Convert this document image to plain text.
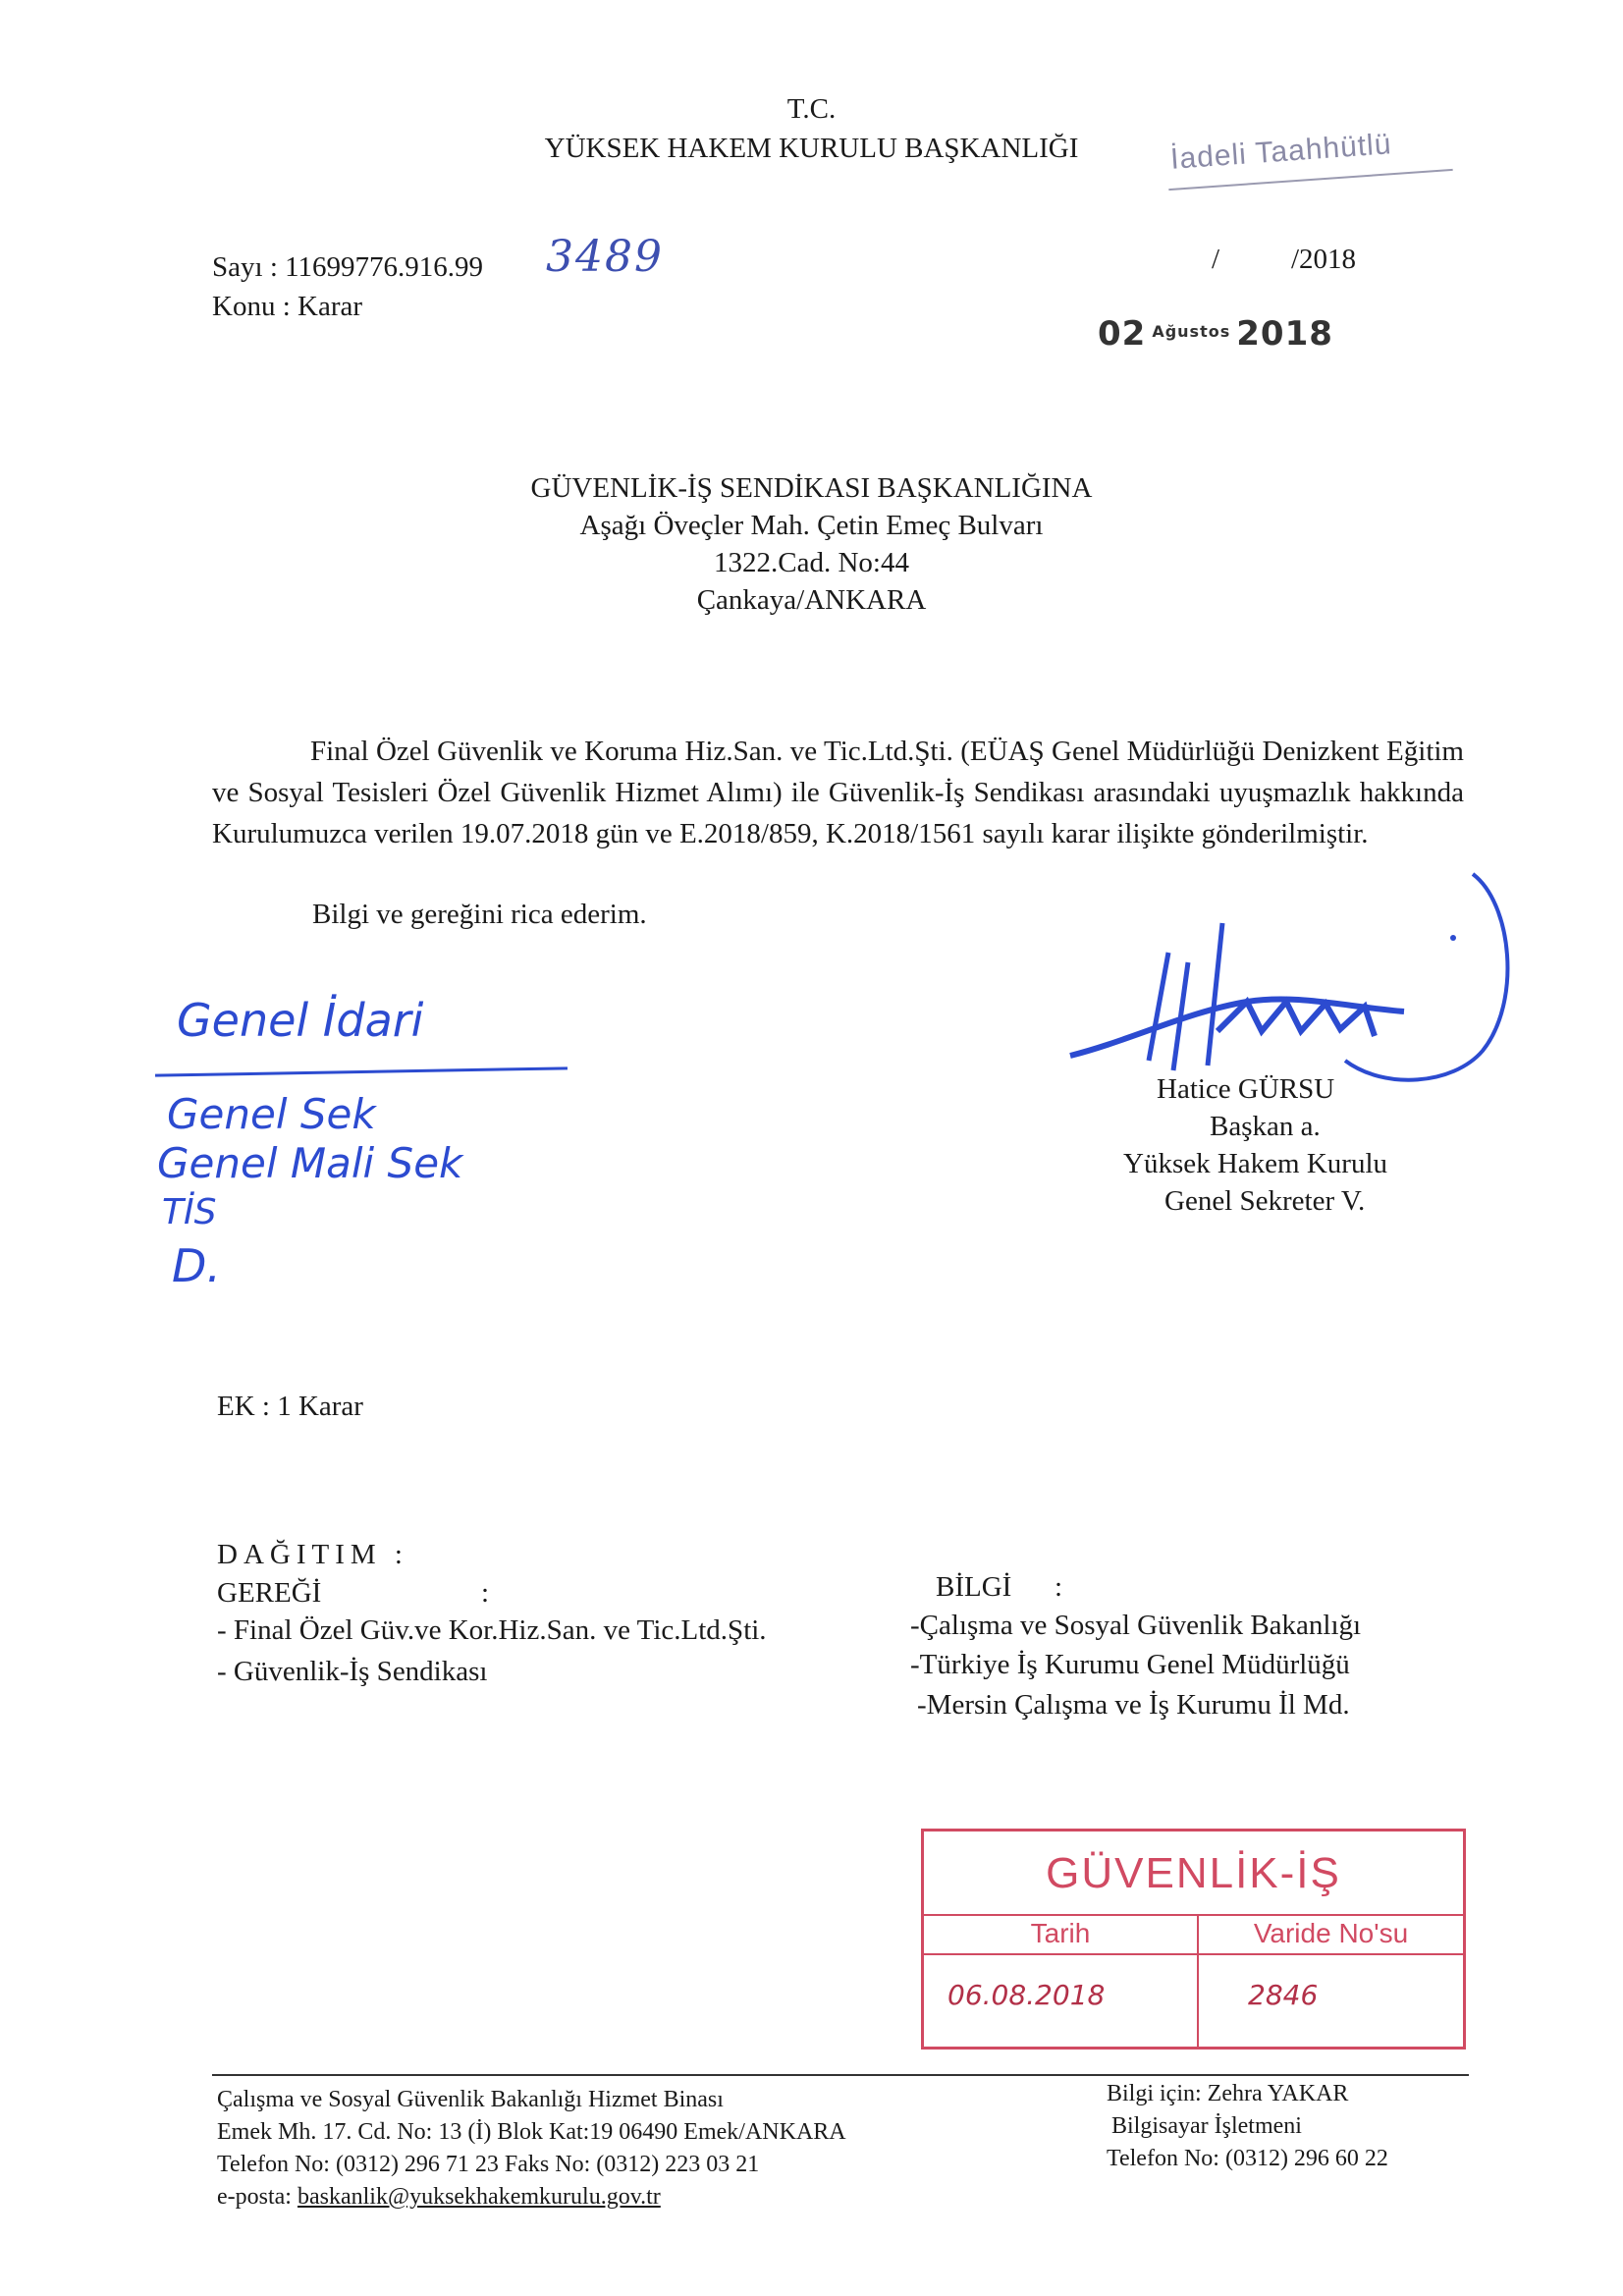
T.C.
YÜKSEK HAKEM KURULU BAŞKANLIĞI	İadeli Taahhütlü
Sayı : 11699776.916.99 3489
Konu : Karar
/	/2018
02 $^{Ağustos}$ 2018
GÜVENLİK-İŞ SENDİKASI BAŞKANLIĞINA
Aşağı Öveçler Mah. Çetin Emeç Bulvarı
1322.Cad. No:44
Çankaya/ANKARA
Final Özel Güvenlik ve Koruma Hiz.San. ve Tic.Ltd.Şti. (EÜAŞ Genel Müdürlüğü Denizkent Eğitim ve Sosyal Tesisleri Özel Güvenlik Hizmet Alımı) ile Güvenlik-İş Sendikası arasındaki uyuşmazlık hakkında Kurulumuzca verilen 19.07.2018 gün ve E.2018/859, K.2018/1561 sayılı karar ilişikte gönderilmiştir.
Bilgi ve gereğini rica ederim.
Genel İdari
Genel Sek
Genel Mali Sek
TİS
D.
Hatice GÜRSU
Başkan a.
Yüksek Hakem Kurulu
Genel Sekreter V.
EK : 1 Karar
DAĞITIM :
GEREĞİ	:
- Final Özel Güv.ve Kor.Hiz.San. ve Tic.Ltd.Şti.
- Güvenlik-İş Sendikası
BİLGİ :
-Çalışma ve Sosyal Güvenlik Bakanlığı
-Türkiye İş Kurumu Genel Müdürlüğü
-Mersin Çalışma ve İş Kurumu İl Md.
GÜVENLİK-İŞ
Tarih	Varide No'su
06.08.2018	2846
Çalışma ve Sosyal Güvenlik Bakanlığı Hizmet Binası
Emek Mh. 17. Cd. No: 13 (İ) Blok Kat:19 06490 Emek/ANKARA
Telefon No: (0312) 296 71 23 Faks No: (0312) 223 03 21
e-posta: baskanlik@yuksekhakemkurulu.gov.tr
Bilgi için: Zehra YAKAR
Bilgisayar İşletmeni
Telefon No: (0312) 296 60 22
